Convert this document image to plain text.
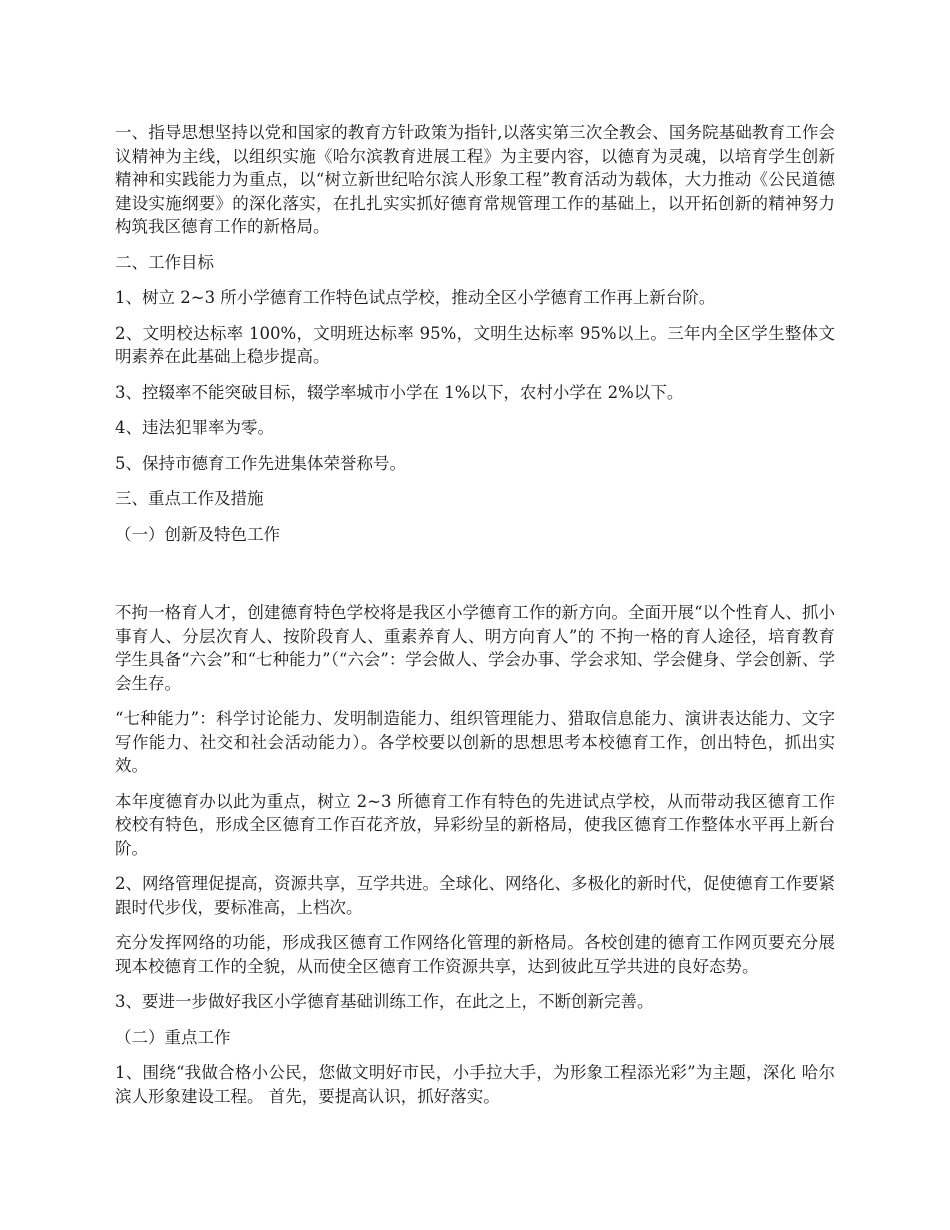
一、指导思想坚持以党和国家的教育方针政策为指针,以落实第三次全教会、国务院基础教育工作会议精神为主线，以组织实施《哈尔滨教育进展工程》为主要内容，以德育为灵魂，以培育学生创新精神和实践能力为重点，以“树立新世纪哈尔滨人形象工程”教育活动为载体，大力推动《公民道德建设实施纲要》的深化落实，在扎扎实实抓好德育常规管理工作的基础上，以开拓创新的精神努力构筑我区德育工作的新格局。

二、工作目标

1、树立 2~3 所小学德育工作特色试点学校，推动全区小学德育工作再上新台阶。

2、文明校达标率 100%，文明班达标率 95%，文明生达标率 95%以上。三年内全区学生整体文明素养在此基础上稳步提高。

3、控辍率不能突破目标，辍学率城市小学在 1%以下，农村小学在 2%以下。

4、违法犯罪率为零。

5、保持市德育工作先进集体荣誉称号。

三、重点工作及措施

（一）创新及特色工作

不拘一格育人才，创建德育特色学校将是我区小学德育工作的新方向。全面开展“以个性育人、抓小事育人、分层次育人、按阶段育人、重素养育人、明方向育人”的 不拘一格的育人途径，培育教育学生具备“六会”和“七种能力”（“六会”：学会做人、学会办事、学会求知、学会健身、学会创新、学会生存。

“七种能力”：科学讨论能力、发明制造能力、组织管理能力、猎取信息能力、演讲表达能力、文字写作能力、社交和社会活动能力）。各学校要以创新的思想思考本校德育工作，创出特色，抓出实效。

本年度德育办以此为重点，树立 2~3 所德育工作有特色的先进试点学校，从而带动我区德育工作校校有特色，形成全区德育工作百花齐放，异彩纷呈的新格局，使我区德育工作整体水平再上新台阶。

2、网络管理促提高，资源共享，互学共进。全球化、网络化、多极化的新时代，促使德育工作要紧跟时代步伐，要标准高，上档次。

充分发挥网络的功能，形成我区德育工作网络化管理的新格局。各校创建的德育工作网页要充分展现本校德育工作的全貌，从而使全区德育工作资源共享，达到彼此互学共进的良好态势。

3、要进一步做好我区小学德育基础训练工作，在此之上，不断创新完善。

（二）重点工作

1、围绕“我做合格小公民，您做文明好市民，小手拉大手，为形象工程添光彩”为主题，深化 哈尔滨人形象建设工程。 首先，要提高认识，抓好落实。
